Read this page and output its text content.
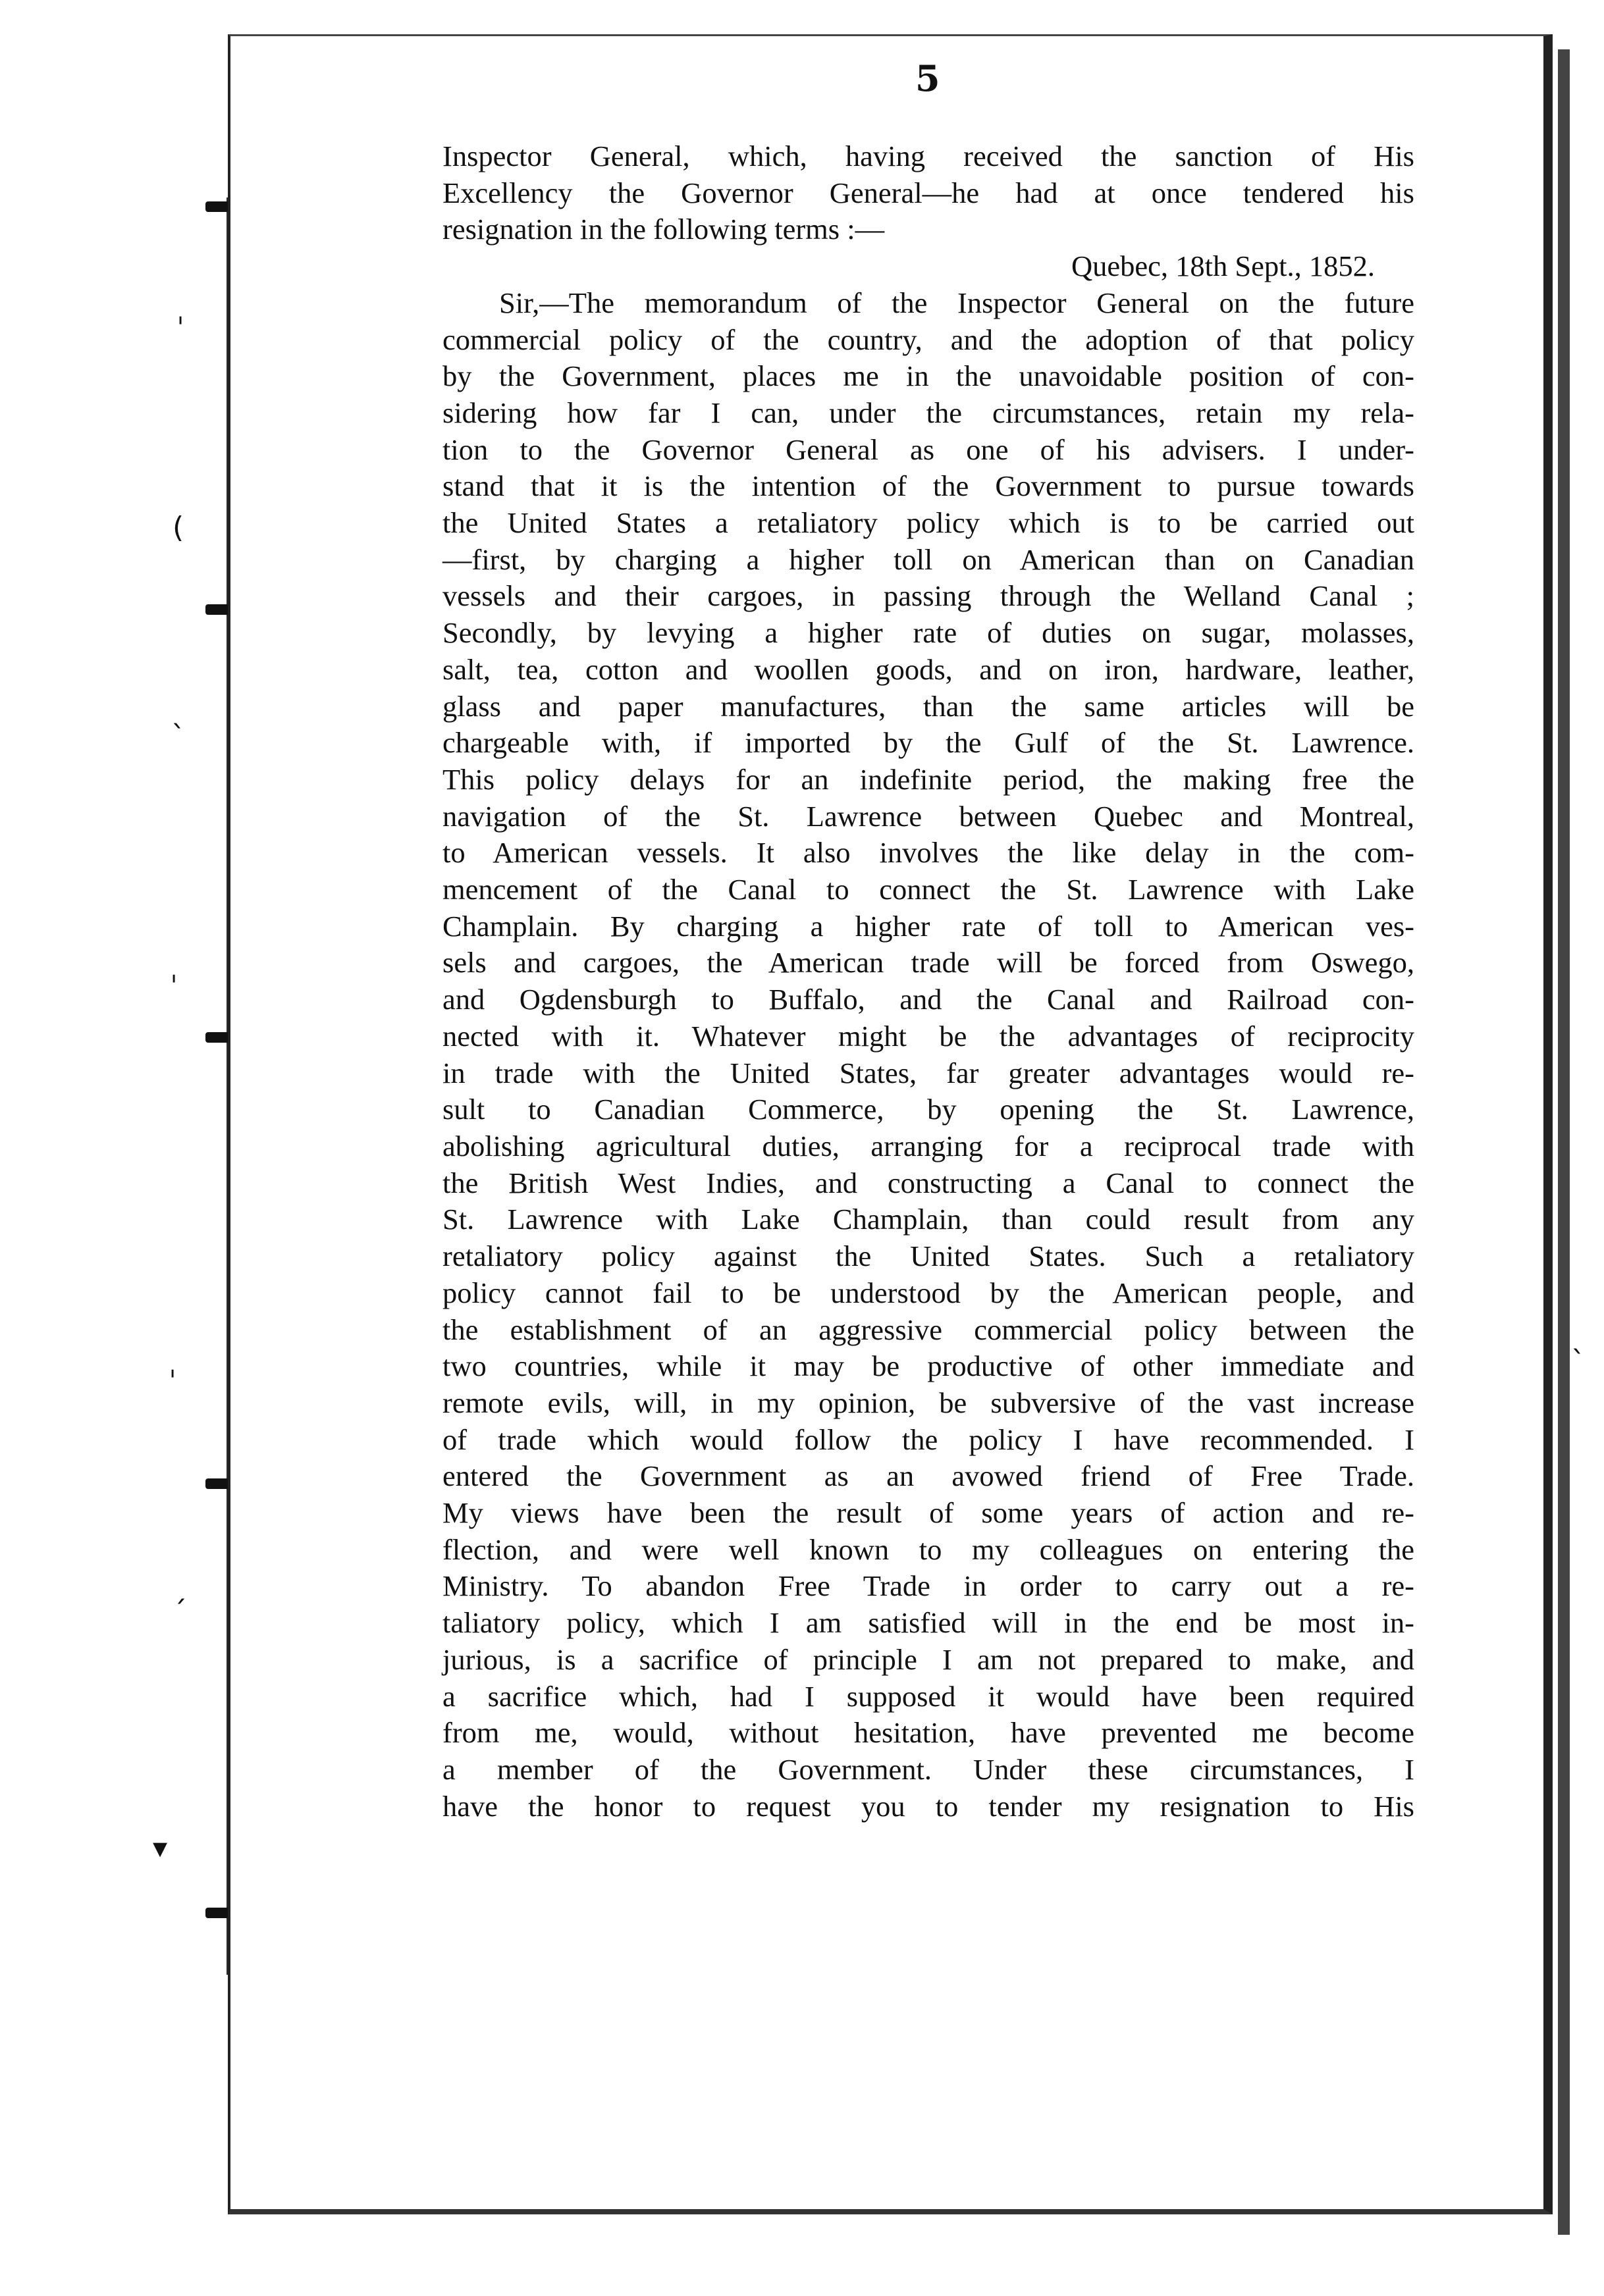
ˌ
(
ˎ
ˌ
ˌ
ˏ
▾
ˎ
5
Inspector General, which, having received the sanction of His
Excellency the Governor General—he had at once tendered his
resignation in the following terms :—
Quebec, 18th Sept., 1852.
Sir,—The memorandum of the Inspector General on the future
commercial policy of the country, and the adoption of that policy
by the Government, places me in the unavoidable position of con-
sidering how far I can, under the circumstances, retain my rela-
tion to the Governor General as one of his advisers. I under-
stand that it is the intention of the Government to pursue towards
the United States a retaliatory policy which is to be carried out
—first, by charging a higher toll on American than on Canadian
vessels and their cargoes, in passing through the Welland Canal ;
Secondly, by levying a higher rate of duties on sugar, molasses,
salt, tea, cotton and woollen goods, and on iron, hardware, leather,
glass and paper manufactures, than the same articles will be
chargeable with, if imported by the Gulf of the St. Lawrence.
This policy delays for an indefinite period, the making free the
navigation of the St. Lawrence between Quebec and Montreal,
to American vessels. It also involves the like delay in the com-
mencement of the Canal to connect the St. Lawrence with Lake
Champlain. By charging a higher rate of toll to American ves-
sels and cargoes, the American trade will be forced from Oswego,
and Ogdensburgh to Buffalo, and the Canal and Railroad con-
nected with it. Whatever might be the advantages of reciprocity
in trade with the United States, far greater advantages would re-
sult to Canadian Commerce, by opening the St. Lawrence,
abolishing agricultural duties, arranging for a reciprocal trade with
the British West Indies, and constructing a Canal to connect the
St. Lawrence with Lake Champlain, than could result from any
retaliatory policy against the United States. Such a retaliatory
policy cannot fail to be understood by the American people, and
the establishment of an aggressive commercial policy between the
two countries, while it may be productive of other immediate and
remote evils, will, in my opinion, be subversive of the vast increase
of trade which would follow the policy I have recommended. I
entered the Government as an avowed friend of Free Trade.
My views have been the result of some years of action and re-
flection, and were well known to my colleagues on entering the
Ministry. To abandon Free Trade in order to carry out a re-
taliatory policy, which I am satisfied will in the end be most in-
jurious, is a sacrifice of principle I am not prepared to make, and
a sacrifice which, had I supposed it would have been required
from me, would, without hesitation, have prevented me become
a member of the Government. Under these circumstances, I
have the honor to request you to tender my resignation to His
